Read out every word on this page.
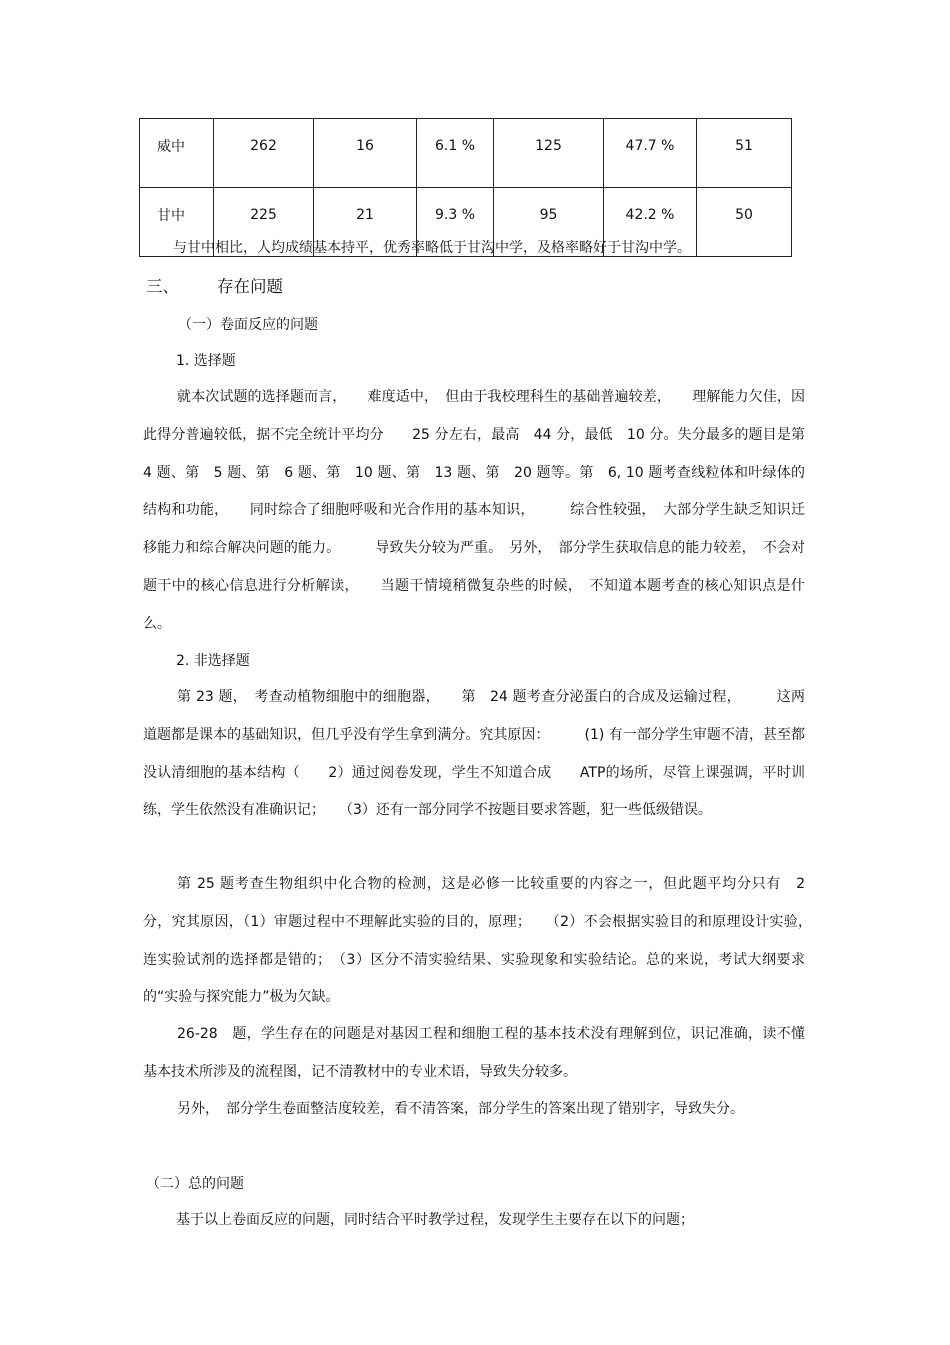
威中	262	16	6.1 %	125	47.7 %	51
甘中	225	21	9.3 %	95	42.2 %	50
与甘中相比，人均成绩基本持平，优秀率略低于甘沟中学，及格率略好于甘沟中学。
三、 存在问题
（一）卷面反应的问题
1. 选择题
就本次试题的选择题而言，　　难度适中，　但由于我校理科生的基础普遍较差，　　理解能力欠佳，因此得分普遍较低，据不完全统计平均分　　25 分左右，最高　44 分，最低　10 分。失分最多的题目是第　4 题、第　5 题、第　6 题、第　10 题、第　13 题、第　20 题等。第　6, 10 题考查线粒体和叶绿体的结构和功能，　　同时综合了细胞呼吸和光合作用的基本知识，　　　综合性较强，　大部分学生缺乏知识迁移能力和综合解决问题的能力。　　　导致失分较为严重。　另外，　部分学生获取信息的能力较差，　不会对题干中的核心信息进行分析解读，　　当题干情境稍微复杂些的时候，　不知道本题考查的核心知识点是什么。
2. 非选择题
第 23 题，　考查动植物细胞中的细胞器，　　第　24 题考查分泌蛋白的合成及运输过程，　　　这两道题都是课本的基础知识，但几乎没有学生拿到满分。究其原因：　　　(1) 有一部分学生审题不清，甚至都没认清细胞的基本结构（　　2）通过阅卷发现，学生不知道合成　　ATP的场所，尽管上课强调，平时训练，学生依然没有准确识记；　　（3）还有一部分同学不按题目要求答题，犯一些低级错误。
第 25 题考查生物组织中化合物的检测，这是必修一比较重要的内容之一，但此题平均分只有　2 分，究其原因，（1）审题过程中不理解此实验的目的，原理；　　（2）不会根据实验目的和原理设计实验，　　连实验试剂的选择都是错的；　（3）区分不清实验结果、实验现象和实验结论。总的来说，考试大纲要求的“实验与探究能力”极为欠缺。
26-28　题，学生存在的问题是对基因工程和细胞工程的基本技术没有理解到位，识记准确，读不懂基本技术所涉及的流程图，记不清教材中的专业术语，导致失分较多。
另外，　部分学生卷面整洁度较差，看不清答案，部分学生的答案出现了错别字，导致失分。
（二）总的问题
基于以上卷面反应的问题，同时结合平时教学过程，发现学生主要存在以下的问题；
